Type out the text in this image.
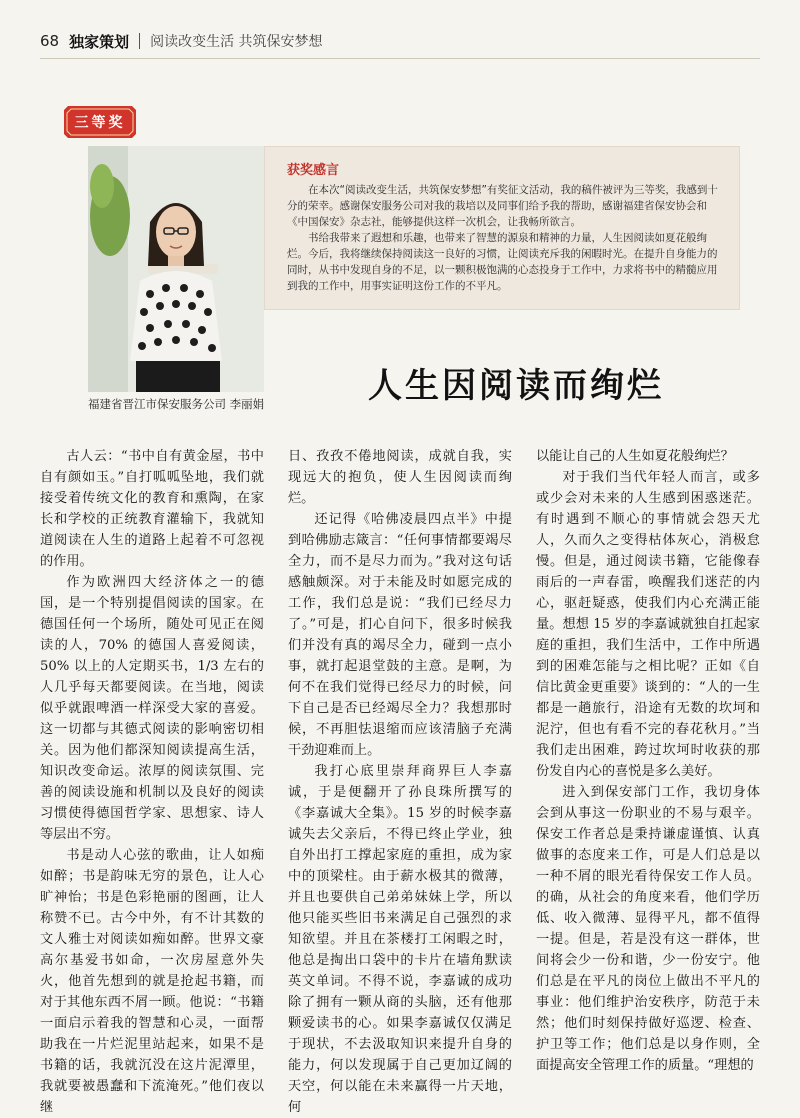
68 独家策划 阅读改变生活 共筑保安梦想
三等奖
福建省晋江市保安服务公司 李丽娟
获奖感言

在本次“阅读改变生活，共筑保安梦想”有奖征文活动，我的稿件被评为三等奖，我感到十分的荣幸。感谢保安服务公司对我的栽培以及同事们给予我的帮助，感谢福建省保安协会和《中国保安》杂志社，能够提供这样一次机会，让我畅所欲言。

书给我带来了遐想和乐趣，也带来了智慧的源泉和精神的力量，人生因阅读如夏花般绚烂。今后，我将继续保持阅读这一良好的习惯，让阅读充斥我的闲暇时光。在提升自身能力的同时，从书中发现自身的不足，以一颗积极饱满的心态投身于工作中，力求将书中的精髓应用到我的工作中，用事实证明这份工作的不平凡。

人生因阅读而绚烂

古人云：“书中自有黄金屋，书中自有颜如玉。”自打呱呱坠地，我们就接受着传统文化的教育和熏陶，在家长和学校的正统教育灌输下，我就知道阅读在人生的道路上起着不可忽视的作用。

作为欧洲四大经济体之一的德国，是一个特别提倡阅读的国家。在德国任何一个场所，随处可见正在阅读的人，70% 的德国人喜爱阅读，50% 以上的人定期买书，1/3 左右的人几乎每天都要阅读。在当地，阅读似乎就跟啤酒一样深受大家的喜爱。这一切都与其德式阅读的影响密切相关。因为他们都深知阅读提高生活，知识改变命运。浓厚的阅读氛围、完善的阅读设施和机制以及良好的阅读习惯使得德国哲学家、思想家、诗人等层出不穷。

书是动人心弦的歌曲，让人如痴如醉；书是韵味无穷的景色，让人心旷神怡；书是色彩艳丽的图画，让人称赞不已。古今中外，有不计其数的文人雅士对阅读如痴如醉。世界文豪高尔基爱书如命，一次房屋意外失火，他首先想到的就是抢起书籍，而对于其他东西不屑一顾。他说：“书籍一面启示着我的智慧和心灵，一面帮助我在一片烂泥里站起来，如果不是书籍的话，我就沉没在这片泥潭里，我就要被愚蠢和下流淹死。”他们夜以继

日、孜孜不倦地阅读，成就自我，实现远大的抱负，使人生因阅读而绚烂。

还记得《哈佛凌晨四点半》中提到哈佛励志箴言：“任何事情都要竭尽全力，而不是尽力而为。”我对这句话感触颇深。对于未能及时如愿完成的工作，我们总是说：“我们已经尽力了。”可是，扪心自问下，很多时候我们并没有真的竭尽全力，碰到一点小事，就打起退堂鼓的主意。是啊，为何不在我们觉得已经尽力的时候，问下自己是否已经竭尽全力？我想那时候，不再胆怯退缩而应该清脑子充满干劲迎难而上。

我打心底里崇拜商界巨人李嘉诚，于是便翻开了孙良珠所撰写的《李嘉诚大全集》。15 岁的时候李嘉诚失去父亲后，不得已终止学业，独自外出打工撑起家庭的重担，成为家中的顶梁柱。由于薪水极其的微薄，并且也要供自己弟弟妹妹上学，所以他只能买些旧书来满足自己强烈的求知欲望。并且在茶楼打工闲暇之时，他总是掏出口袋中的卡片在墙角默读英文单词。不得不说，李嘉诚的成功除了拥有一颗从商的头脑，还有他那颗爱读书的心。如果李嘉诚仅仅满足于现状，不去汲取知识来提升自身的能力，何以发现属于自己更加辽阔的天空，何以能在未来赢得一片天地，何

以能让自己的人生如夏花般绚烂？

对于我们当代年轻人而言，或多或少会对未来的人生感到困惑迷茫。有时遇到不顺心的事情就会怨天尤人，久而久之变得枯体灰心，消极怠慢。但是，通过阅读书籍，它能像春雨后的一声春雷，唤醒我们迷茫的内心，驱赶疑惑，使我们内心充满正能量。想想 15 岁的李嘉诚就独自扛起家庭的重担，我们生活中，工作中所遇到的困难怎能与之相比呢？正如《自信比黄金更重要》谈到的：“人的一生都是一趟旅行，沿途有无数的坎坷和泥泞，但也有看不完的春花秋月。”当我们走出困难，跨过坎坷时收获的那份发自内心的喜悦是多么美好。

进入到保安部门工作，我切身体会到从事这一份职业的不易与艰辛。保安工作者总是秉持谦虚谨慎、认真做事的态度来工作，可是人们总是以一种不屑的眼光看待保安工作人员。的确，从社会的角度来看，他们学历低、收入微薄、显得平凡，都不值得一提。但是，若是没有这一群体，世间将会少一份和谐，少一份安宁。他们总是在平凡的岗位上做出不平凡的事业：他们维护治安秩序，防范于未然；他们时刻保持做好巡逻、检查、护卫等工作；他们总是以身作则，全面提高安全管理工作的质量。“理想的
